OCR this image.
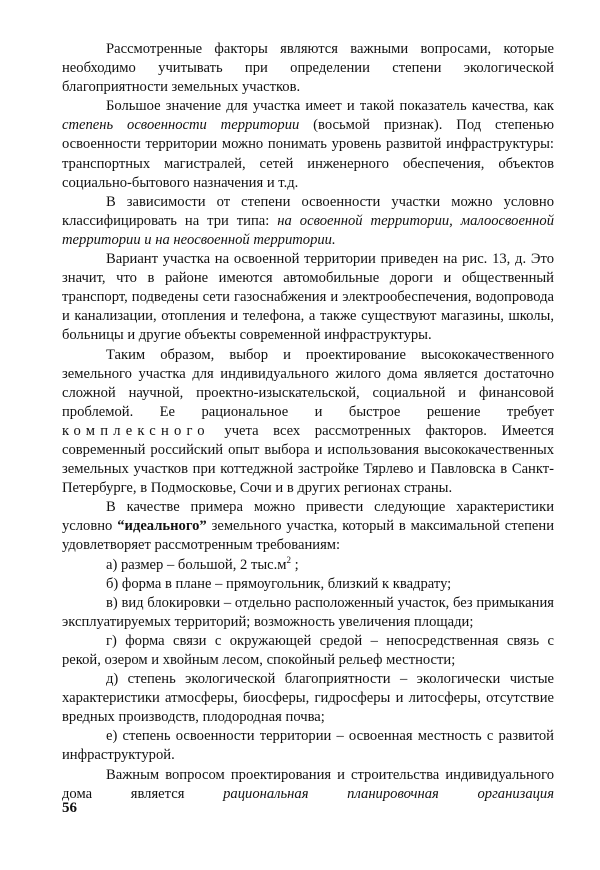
Рассмотренные факторы являются важными вопросами, которые необходимо учитывать при определении степени экологической благоприятности земельных участков.

Большое значение для участка имеет и такой показатель качества, как степень освоенности территории (восьмой признак). Под степенью освоенности территории можно понимать уровень развитой инфраструктуры: транспортных магистралей, сетей инженерного обеспечения, объектов социально-бытового назначения и т.д.

В зависимости от степени освоенности участки можно условно классифицировать на три типа: на освоенной территории, малоосвоенной территории и на неосвоенной территории.

Вариант участка на освоенной территории приведен на рис. 13, д. Это значит, что в районе имеются автомобильные дороги и общественный транспорт, подведены сети газоснабжения и электрообеспечения, водопровода и канализации, отопления и телефона, а также существуют магазины, школы, больницы и другие объекты современной инфраструктуры.

Таким образом, выбор и проектирование высококачественного земельного участка для индивидуального жилого дома является достаточно сложной научной, проектно-изыскательской, социальной и финансовой проблемой. Ее рациональное и быстрое решение требует комплексного учета всех рассмотренных факторов. Имеется современный российский опыт выбора и использования высококачественных земельных участков при коттеджной застройке Тярлево и Павловска в Санкт-Петербурге, в Подмосковье, Сочи и в других регионах страны.

В качестве примера можно привести следующие характеристики условно “идеального” земельного участка, который в максимальной степени удовлетворяет рассмотренным требованиям:

а) размер – большой, 2 $тыс.м^2$ ;

б) форма в плане – прямоугольник, близкий к квадрату;

в) вид блокировки – отдельно расположенный участок, без примыкания эксплуатируемых территорий; возможность увеличения площади;

г) форма связи с окружающей средой – непосредственная связь с рекой, озером и хвойным лесом, спокойный рельеф местности;

д) степень экологической благоприятности – экологически чистые характеристики атмосферы, биосферы, гидросферы и литосферы, отсутствие вредных производств, плодородная почва;

е) степень освоенности территории – освоенная местность с развитой инфраструктурой.

Важным вопросом проектирования и строительства индивидуального дома является рациональная планировочная организация

56
